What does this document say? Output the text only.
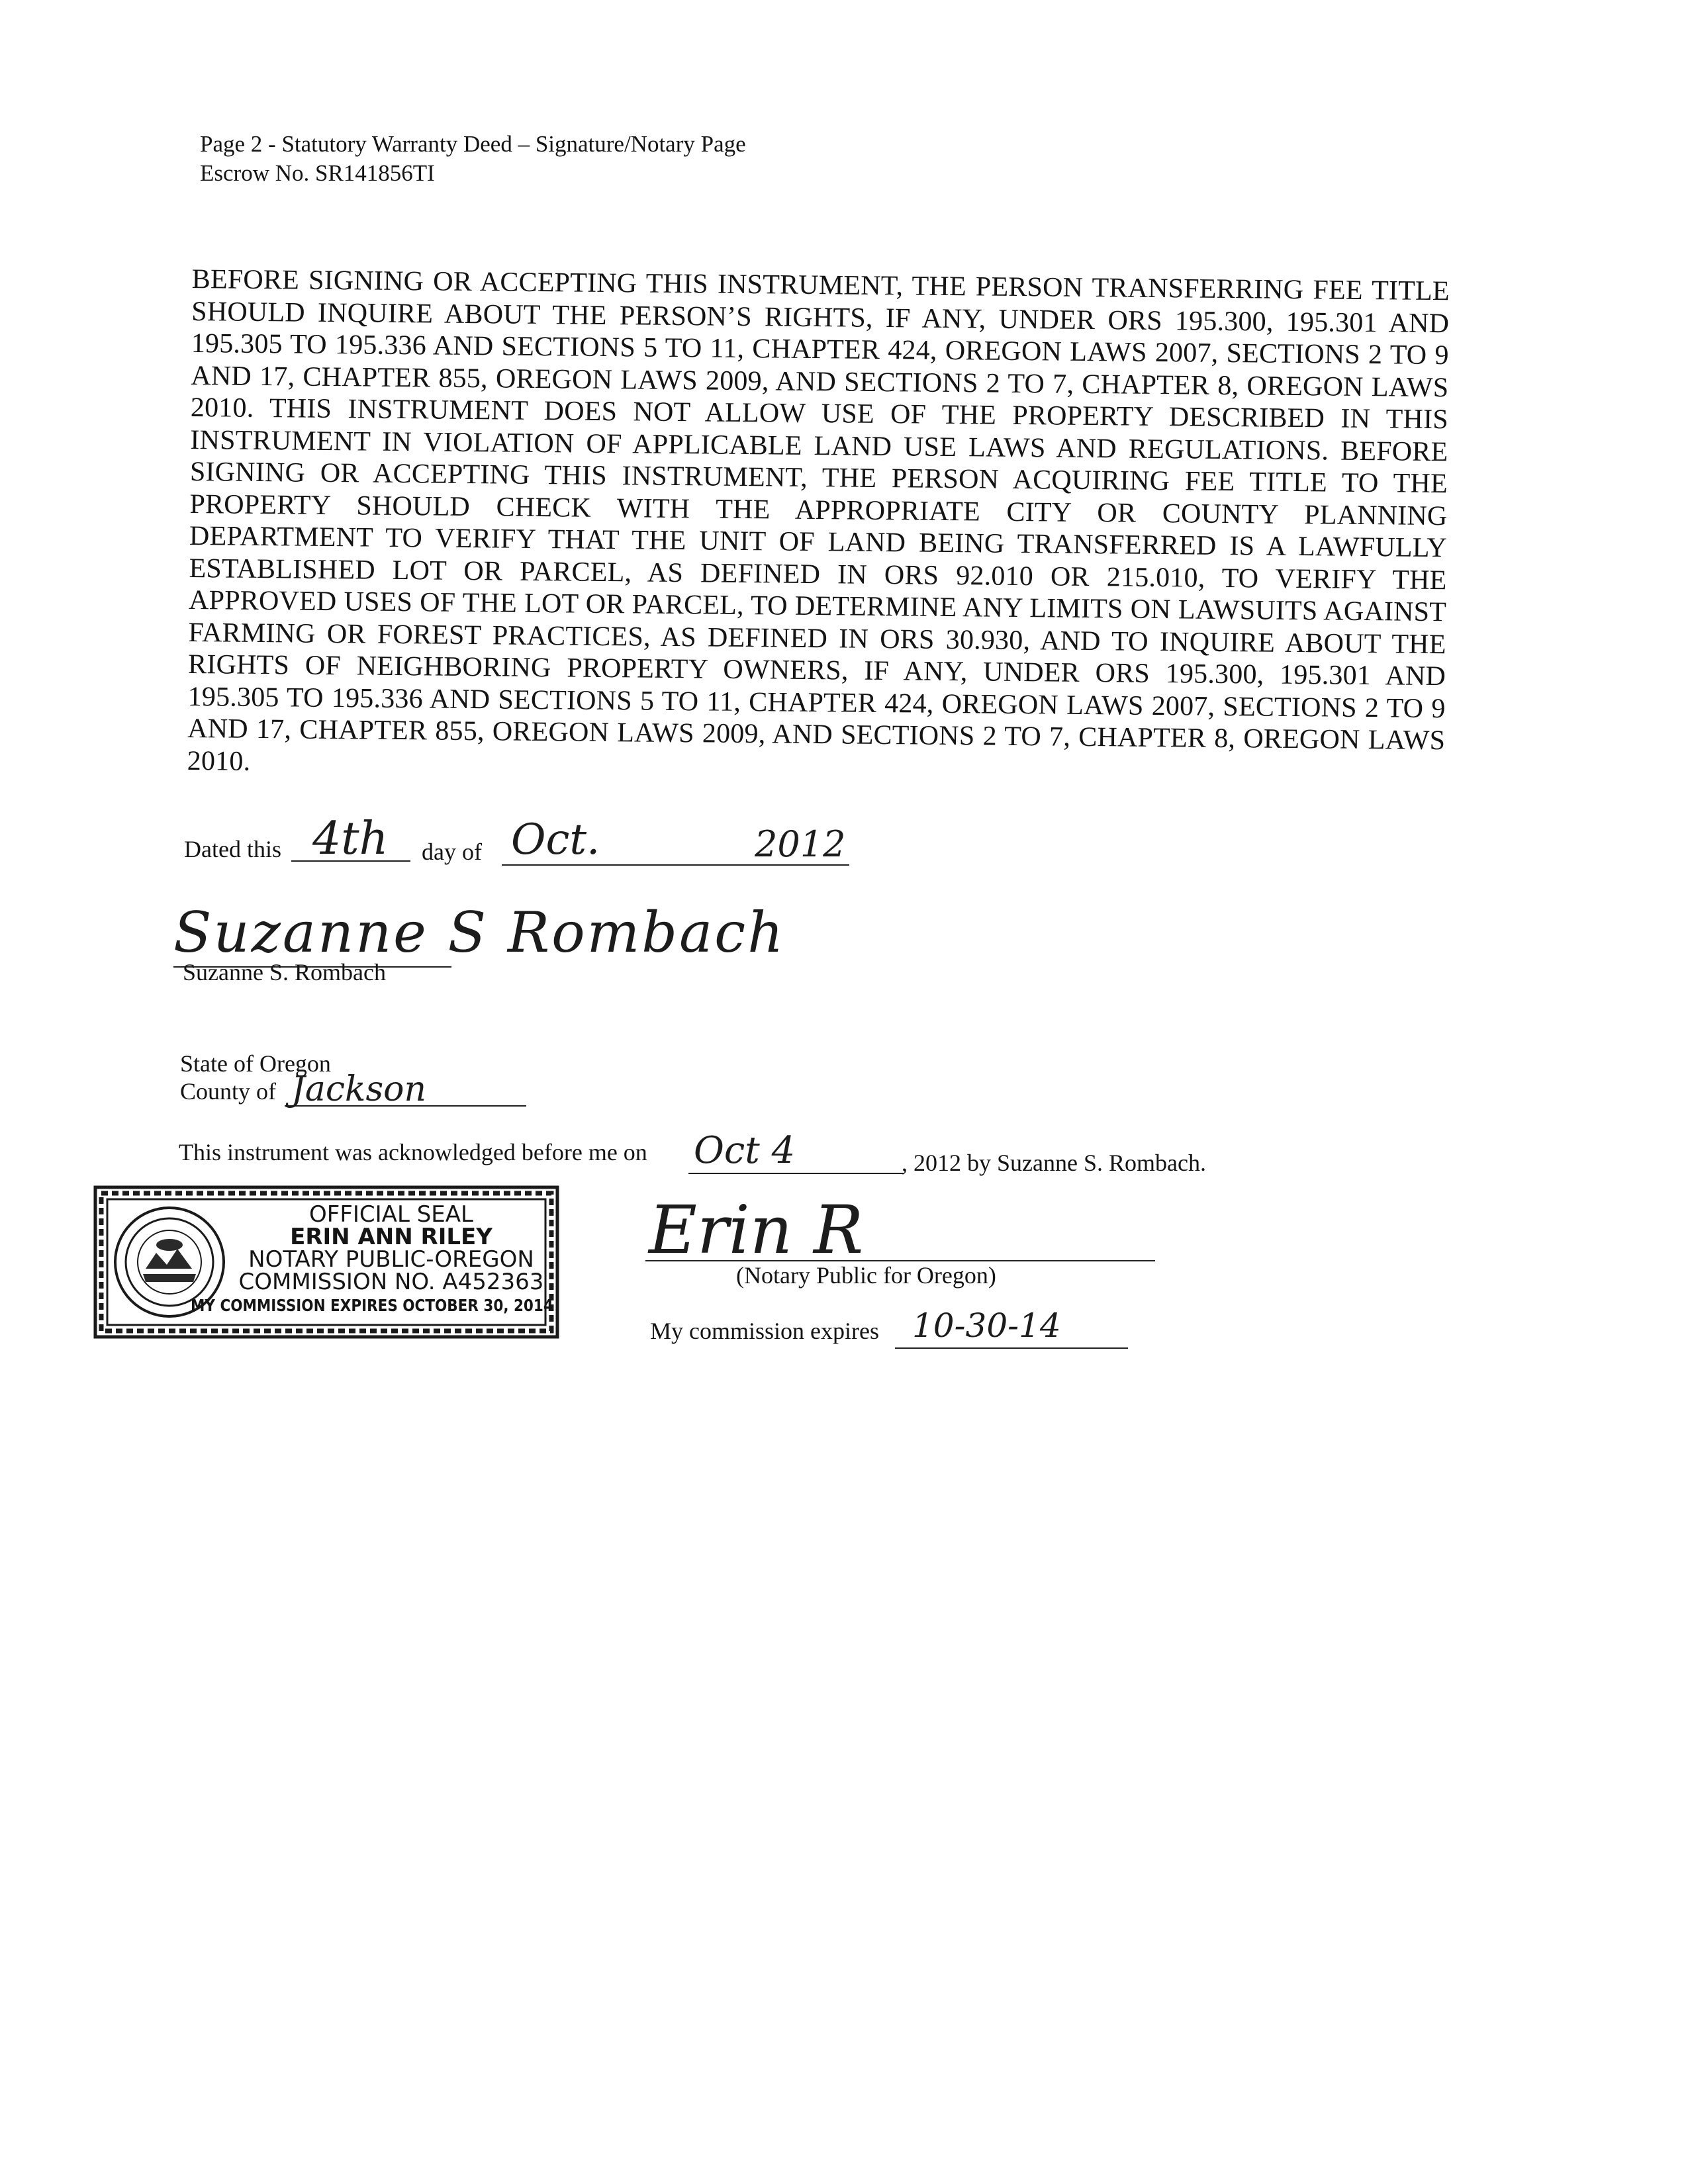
Page 2 - Statutory Warranty Deed – Signature/Notary Page
Escrow No. SR141856TI
BEFORE SIGNING OR ACCEPTING THIS INSTRUMENT, THE PERSON TRANSFERRING FEE TITLE SHOULD INQUIRE ABOUT THE PERSON’S RIGHTS, IF ANY, UNDER ORS 195.300, 195.301 AND 195.305 TO 195.336 AND SECTIONS 5 TO 11, CHAPTER 424, OREGON LAWS 2007, SECTIONS 2 TO 9 AND 17, CHAPTER 855, OREGON LAWS 2009, AND SECTIONS 2 TO 7, CHAPTER 8, OREGON LAWS 2010. THIS INSTRUMENT DOES NOT ALLOW USE OF THE PROPERTY DESCRIBED IN THIS INSTRUMENT IN VIOLATION OF APPLICABLE LAND USE LAWS AND REGULATIONS. BEFORE SIGNING OR ACCEPTING THIS INSTRUMENT, THE PERSON ACQUIRING FEE TITLE TO THE PROPERTY SHOULD CHECK WITH THE APPROPRIATE CITY OR COUNTY PLANNING DEPARTMENT TO VERIFY THAT THE UNIT OF LAND BEING TRANSFERRED IS A LAWFULLY ESTABLISHED LOT OR PARCEL, AS DEFINED IN ORS 92.010 OR 215.010, TO VERIFY THE APPROVED USES OF THE LOT OR PARCEL, TO DETERMINE ANY LIMITS ON LAWSUITS AGAINST FARMING OR FOREST PRACTICES, AS DEFINED IN ORS 30.930, AND TO INQUIRE ABOUT THE RIGHTS OF NEIGHBORING PROPERTY OWNERS, IF ANY, UNDER ORS 195.300, 195.301 AND 195.305 TO 195.336 AND SECTIONS 5 TO 11, CHAPTER 424, OREGON LAWS 2007, SECTIONS 2 TO 9 AND 17, CHAPTER 855, OREGON LAWS 2009, AND SECTIONS 2 TO 7, CHAPTER 8, OREGON LAWS 2010.
Dated this 4th day of Oct.	2012
Suzanne S Rombach
Suzanne S. Rombach
State of Oregon
County of Jackson
This instrument was acknowledged before me on Oct 4	, 2012 by Suzanne S. Rombach.
Erin R
(Notary Public for Oregon)
My commission expires 10-30-14
OFFICIAL SEAL
ERIN ANN RILEY
NOTARY PUBLIC-OREGON
COMMISSION NO. A452363
MY COMMISSION EXPIRES OCTOBER 30, 2014
